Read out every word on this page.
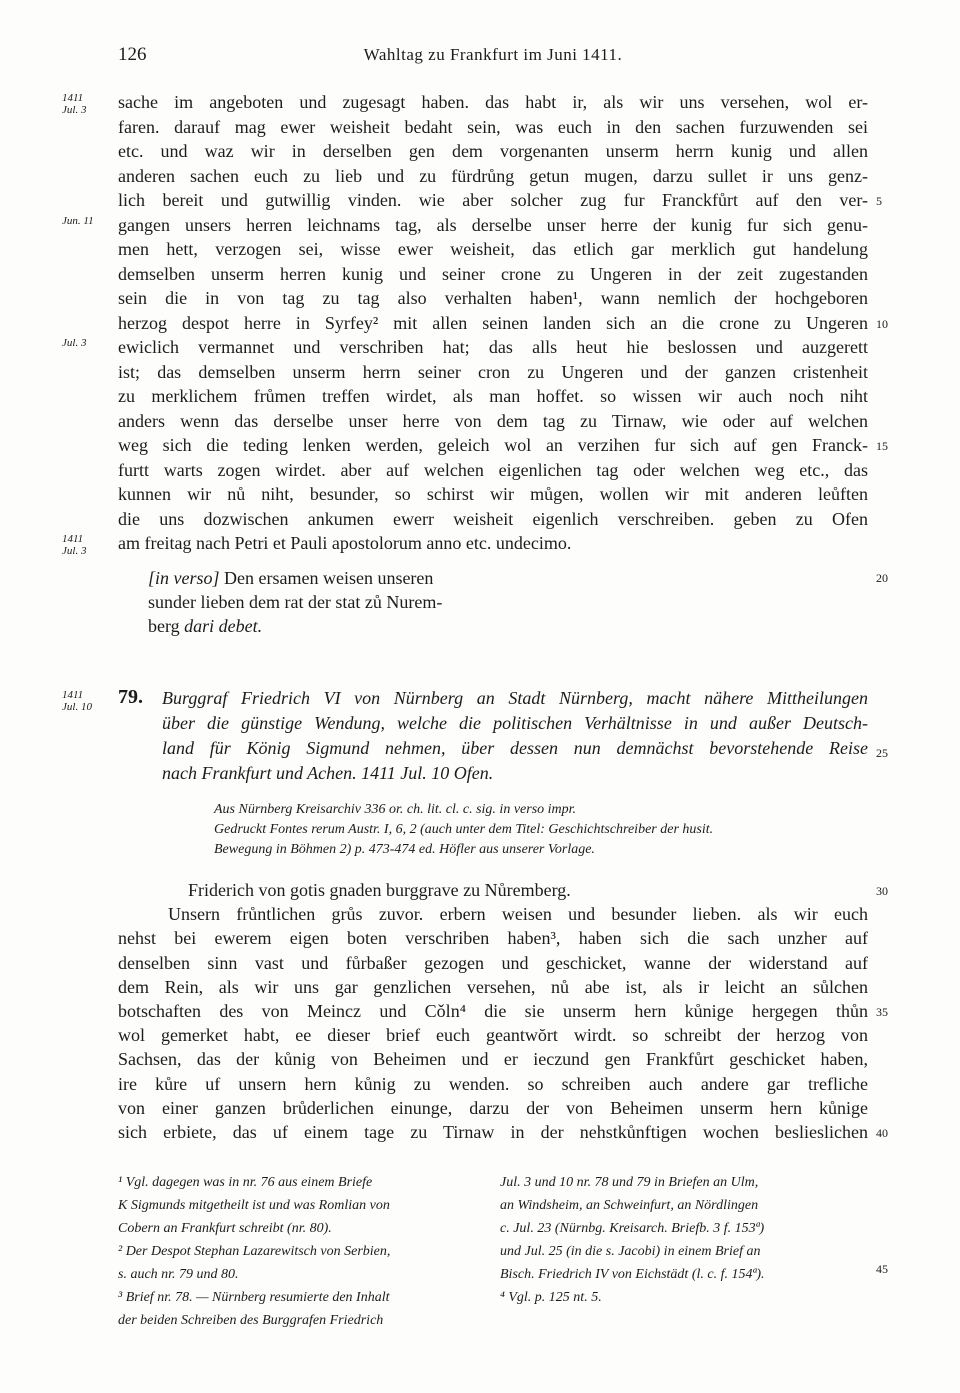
126	Wahltag zu Frankfurt im Juni 1411.
sache im angeboten und zugesagt haben. das habt ir, als wir uns versehen, wol er-
faren. darauf mag ewer weisheit bedaht sein, was euch in den sachen furzuwenden sei
etc. und waz wir in derselben gen dem vorgenanten unserm herrn kunig und allen
anderen sachen euch zu lieb und zu fürdrůng getun mugen, darzu sullet ir uns genz-
lich bereit und gutwillig vinden. wie aber solcher zug fur Franckfůrt auf den ver-
gangen unsers herren leichnams tag, als derselbe unser herre der kunig fur sich genu-
men hett, verzogen sei, wisse ewer weisheit, das etlich gar merklich gut handelung
demselben unserm herren kunig und seiner crone zu Ungeren in der zeit zugestanden
sein die in von tag zu tag also verhalten haben¹, wann nemlich der hochgeboren
herzog despot herre in Syrfey² mit allen seinen landen sich an die crone zu Ungeren
ewiclich vermannet und verschriben hat; das alls heut hie beslossen und auzgerett
ist; das demselben unserm herrn seiner cron zu Ungeren und der ganzen cristenheit
zu merklichem frůmen treffen wirdet, als man hoffet. so wissen wir auch noch niht
anders wenn das derselbe unser herre von dem tag zu Tirnaw, wie oder auf welchen
weg sich die teding lenken werden, geleich wol an verzihen fur sich auf gen Franck-
furtt warts zogen wirdet. aber auf welchen eigenlichen tag oder welchen weg etc., das
kunnen wir nů niht, besunder, so schirst wir můgen, wollen wir mit anderen leůften
die uns dozwischen ankumen ewerr weisheit eigenlich verschreiben. geben zu Ofen
am freitag nach Petri et Pauli apostolorum anno etc. undecimo.
1411
Jul. 3
Jun. 11
Jul. 3
1411
Jul. 3
[in verso] Den ersamen weisen unseren
sunder lieben dem rat der stat zů Nurem-
berg dari debet.
20
1411
Jul. 10 79. Burggraf Friedrich VI von Nürnberg an Stadt Nürnberg, macht nähere Mittheilungen
über die günstige Wendung, welche die politischen Verhältnisse in und außer Deutsch-
land für König Sigmund nehmen, über dessen nun demnächst bevorstehende Reise
nach Frankfurt und Achen. 1411 Jul. 10 Ofen.
25
Aus Nürnberg Kreisarchiv 336 or. ch. lit. cl. c. sig. in verso impr.
Gedruckt Fontes rerum Austr. I, 6, 2 (auch unter dem Titel: Geschichtschreiber der husit.
Bewegung in Böhmen 2) p. 473-474 ed. Höfler aus unserer Vorlage.
Friderich von gotis gnaden burggrave zu Nůremberg.
Unsern frůntlichen grůs zuvor. erbern weisen und besunder lieben. als wir euch
nehst bei ewerem eigen boten verschriben haben³, haben sich die sach unzher auf
denselben sinn vast und fůrbaßer gezogen und geschicket, wanne der widerstand auf
dem Rein, als wir uns gar genzlichen versehen, nů abe ist, als ir leicht an sůlchen
botschaften des von Meincz und Cǒln⁴ die sie unserm hern kůnige hergegen thůn
wol gemerket habt, ee dieser brief euch geantwŏrt wirdt. so schreibt der herzog von
Sachsen, das der kůnig von Beheimen und er ieczund gen Frankfůrt geschicket haben,
ire kůre uf unsern hern kůnig zu wenden. so schreiben auch andere gar trefliche
von einer ganzen brůderlichen einunge, darzu der von Beheimen unserm hern kůnige
sich erbiete, das uf einem tage zu Tirnaw in der nehstkůnftigen wochen beslieslichen
¹ Vgl. dagegen was in nr. 76 aus einem Briefe
K Sigmunds mitgetheilt ist und was Romlian von
Cobern an Frankfurt schreibt (nr. 80).
² Der Despot Stephan Lazarewitsch von Serbien,
s. auch nr. 79 und 80.
³ Brief nr. 78. — Nürnberg resumierte den Inhalt
der beiden Schreiben des Burggrafen Friedrich
Jul. 3 und 10 nr. 78 und 79 in Briefen an Ulm,
an Windsheim, an Schweinfurt, an Nördlingen
c. Jul. 23 (Nürnbg. Kreisarch. Briefb. 3 f. 153ª)
und Jul. 25 (in die s. Jacobi) in einem Brief an
Bisch. Friedrich IV von Eichstädt (l. c. f. 154ª).
⁴ Vgl. p. 125 nt. 5.
45
5
10
15
30
35
40
